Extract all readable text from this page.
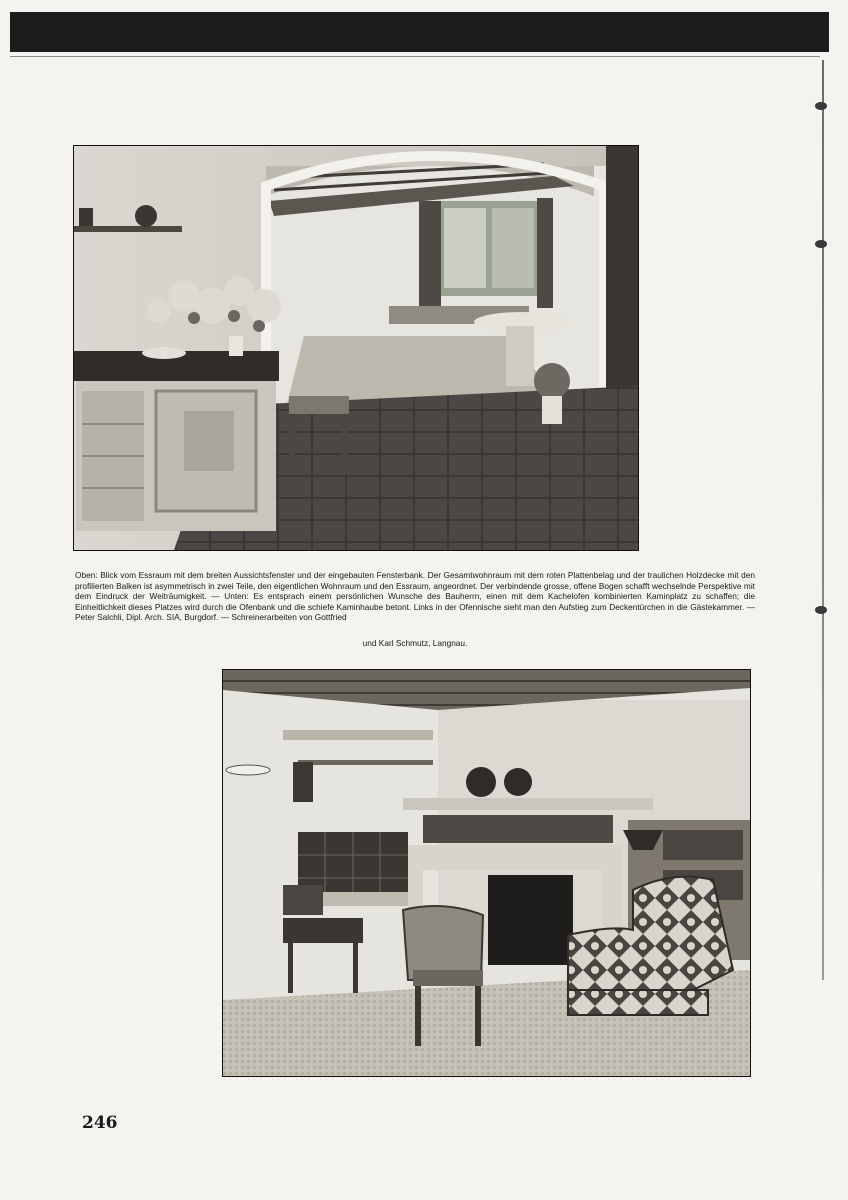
Oben: Blick vom Essraum mit dem breiten Aussichtsfenster und der eingebauten Fensterbank. Der Gesamtwohnraum mit dem roten Plattenbelag und der traulichen Holzdecke mit den profilierten Balken ist asymmetrisch in zwei Teile, den eigentlichen Wohnraum und den Essraum, angeordnet. Der verbindende grosse, offene Bogen schafft wechselnde Perspektive mit dem Eindruck der Weiträumigkeit. — Unten: Es entsprach einem persönlichen Wunsche des Bauherrn, einen mit dem Kachelofen kombinierten Kaminplatz zu schaffen; die Einheitlichkeit dieses Platzes wird durch die Ofenbank und die schiefe Kaminhaube betont. Links in der Ofennische sieht man den Aufstieg zum Deckentürchen in die Gästekammer. — Peter Salchli, Dipl. Arch. SIA, Burgdorf. — Schreinerarbeiten von Gottfried
und Karl Schmutz, Langnau.
246
